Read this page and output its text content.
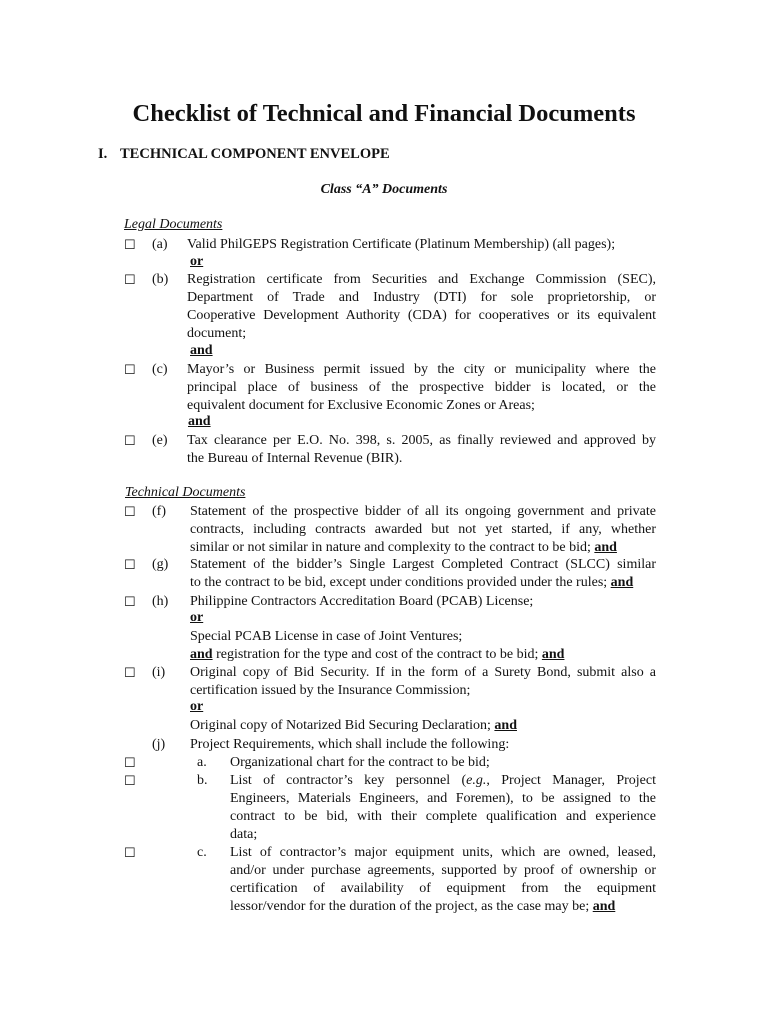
Checklist of Technical and Financial Documents
I. TECHNICAL COMPONENT ENVELOPE
Class “A” Documents
Legal Documents
☐ (a) Valid PhilGEPS Registration Certificate (Platinum Membership) (all pages);
or
☐ (b) Registration certificate from Securities and Exchange Commission (SEC),
Department of Trade and Industry (DTI) for sole proprietorship, or
Cooperative Development Authority (CDA) for cooperatives or its equivalent
document;
and
☐ (c) Mayor’s or Business permit issued by the city or municipality where the
principal place of business of the prospective bidder is located, or the
equivalent document for Exclusive Economic Zones or Areas;
and
☐ (e) Tax clearance per E.O. No. 398, s. 2005, as finally reviewed and approved by
the Bureau of Internal Revenue (BIR).
Technical Documents
☐ (f) Statement of the prospective bidder of all its ongoing government and private
contracts, including contracts awarded but not yet started, if any, whether
similar or not similar in nature and complexity to the contract to be bid; and
☐ (g) Statement of the bidder’s Single Largest Completed Contract (SLCC) similar
to the contract to be bid, except under conditions provided under the rules; and
☐ (h) Philippine Contractors Accreditation Board (PCAB) License;
or
Special PCAB License in case of Joint Ventures;
and registration for the type and cost of the contract to be bid; and
☐ (i) Original copy of Bid Security. If in the form of a Surety Bond, submit also a
certification issued by the Insurance Commission;
or
Original copy of Notarized Bid Securing Declaration; and
(j) Project Requirements, which shall include the following:
☐	a. Organizational chart for the contract to be bid;
☐	b. List of contractor’s key personnel (e.g., Project Manager, Project
Engineers, Materials Engineers, and Foremen), to be assigned to the
contract to be bid, with their complete qualification and experience
data;
☐	c. List of contractor’s major equipment units, which are owned, leased,
and/or under purchase agreements, supported by proof of ownership or
certification of availability of equipment from the equipment
lessor/vendor for the duration of the project, as the case may be; and
